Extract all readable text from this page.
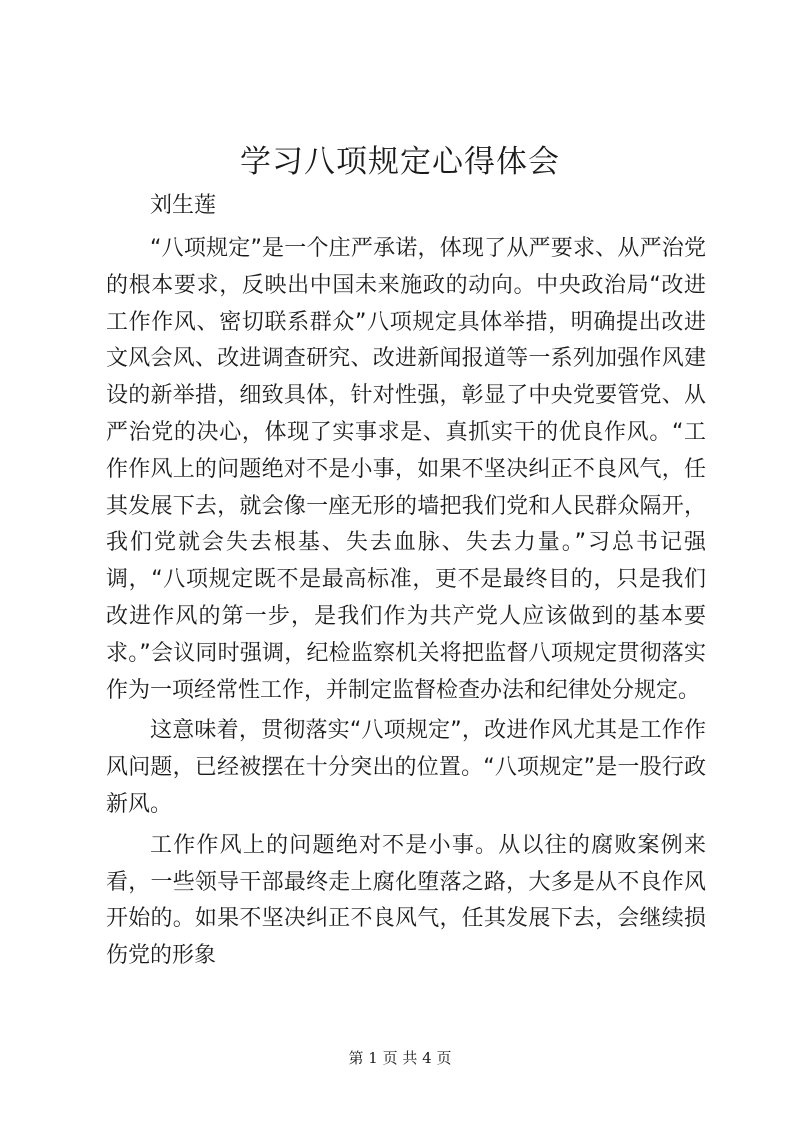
学习八项规定心得体会
刘生莲

“八项规定”是一个庄严承诺，体现了从严要求、从严治党的根本要求，反映出中国未来施政的动向。中央政治局“改进工作作风、密切联系群众”八项规定具体举措，明确提出改进文风会风、改进调查研究、改进新闻报道等一系列加强作风建设的新举措，细致具体，针对性强，彰显了中央党要管党、从严治党的决心，体现了实事求是、真抓实干的优良作风。“工作作风上的问题绝对不是小事，如果不坚决纠正不良风气，任其发展下去，就会像一座无形的墙把我们党和人民群众隔开，我们党就会失去根基、失去血脉、失去力量。”习总书记强调，“八项规定既不是最高标准，更不是最终目的，只是我们改进作风的第一步，是我们作为共产党人应该做到的基本要求。”会议同时强调，纪检监察机关将把监督八项规定贯彻落实作为一项经常性工作，并制定监督检查办法和纪律处分规定。

这意味着，贯彻落实“八项规定”，改进作风尤其是工作作风问题，已经被摆在十分突出的位置。“八项规定”是一股行政新风。

工作作风上的问题绝对不是小事。从以往的腐败案例来看，一些领导干部最终走上腐化堕落之路，大多是从不良作风开始的。如果不坚决纠正不良风气，任其发展下去，会继续损伤党的形象

第 1 页 共 4 页
